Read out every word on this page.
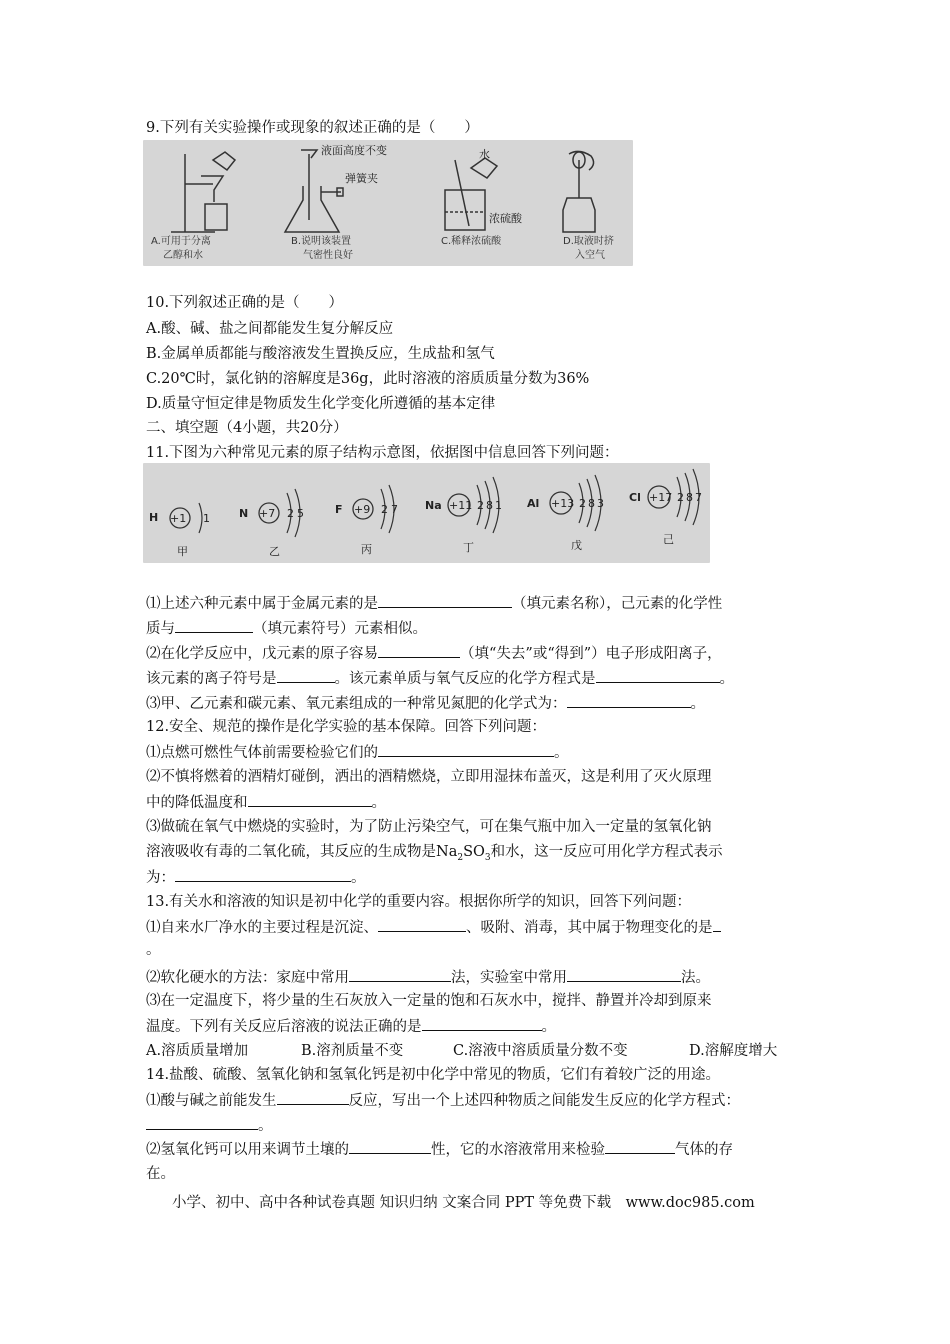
9.下列有关实验操作或现象的叙述正确的是（　　）
A.可用于分离
乙醇和水
液面高度不变
弹簧夹
B.说明该装置
气密性良好
水
浓硫酸
C.稀释浓硫酸	D.取液时挤
入空气
10.下列叙述正确的是（　　）
A.酸、碱、盐之间都能发生复分解反应
B.金属单质都能与酸溶液发生置换反应，生成盐和氢气
C.20℃时，氯化钠的溶解度是36g，此时溶液的溶质质量分数为36%
D.质量守恒定律是物质发生化学变化所遵循的基本定律
二、填空题（4小题，共20分）
11.下图为六种常见元素的原子结构示意图，依据图中信息回答下列问题：
H +1 1
甲
N +7 2 5
乙
F +9 2 7
丙
Na +11 2 8 1
丁
Al +13 2 8 3
戊
Cl +17 2 8 7
己
⑴上述六种元素中属于金属元素的是	（填元素名称），己元素的化学性
质与	（填元素符号）元素相似。
⑵在化学反应中，戊元素的原子容易	（填“失去”或“得到”）电子形成阳离子，
该元素的离子符号是	。该元素单质与氧气反应的化学方程式是	。
⑶甲、乙元素和碳元素、氧元素组成的一种常见氮肥的化学式为：	。
12.安全、规范的操作是化学实验的基本保障。回答下列问题：
⑴点燃可燃性气体前需要检验它们的	。
⑵不慎将燃着的酒精灯碰倒，洒出的酒精燃烧，立即用湿抹布盖灭，这是利用了灭火原理
中的降低温度和	。
⑶做硫在氧气中燃烧的实验时，为了防止污染空气，可在集气瓶中加入一定量的氢氧化钠
溶液吸收有毒的二氧化硫，其反应的生成物是$Na_2SO_3$和水，这一反应可用化学方程式表示
为：	。
13.有关水和溶液的知识是初中化学的重要内容。根据你所学的知识，回答下列问题：
⑴自来水厂净水的主要过程是沉淀、	、吸附、消毒，其中属于物理变化的是
。
⑵软化硬水的方法：家庭中常用	法，实验室中常用	法。
⑶在一定温度下，将少量的生石灰放入一定量的饱和石灰水中，搅拌、静置并冷却到原来
温度。下列有关反应后溶液的说法正确的是	。
A.溶质质量增加	B.溶剂质量不变	C.溶液中溶质质量分数不变	D.溶解度增大
14.盐酸、硫酸、氢氧化钠和氢氧化钙是初中化学中常见的物质，它们有着较广泛的用途。
⑴酸与碱之前能发生	反应，写出一个上述四种物质之间能发生反应的化学方程式：
。
⑵氢氧化钙可以用来调节土壤的	性，它的水溶液常用来检验	气体的存
在。
小学、初中、高中各种试卷真题 知识归纳 文案合同 PPT 等免费下载　www.doc985.com
